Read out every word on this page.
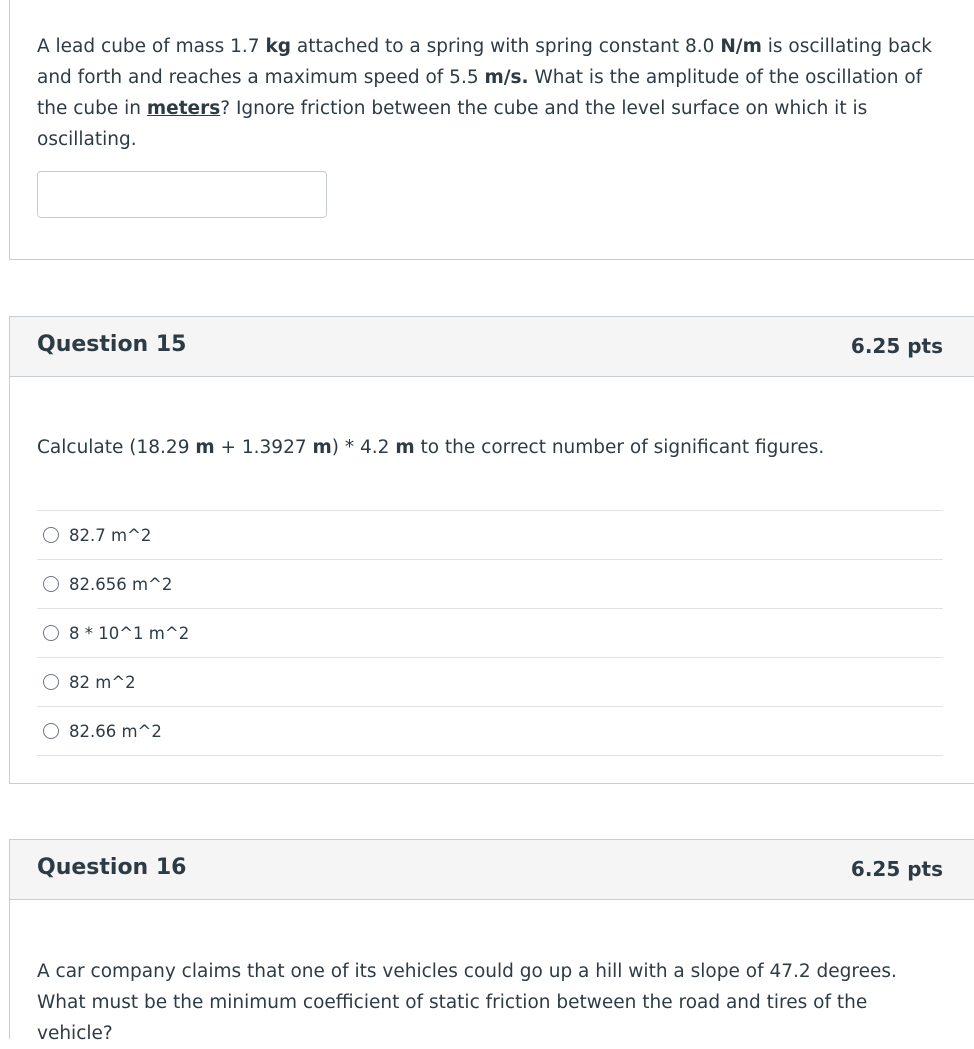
A lead cube of mass 1.7 kg attached to a spring with spring constant 8.0 N/m is oscillating back and forth and reaches a maximum speed of 5.5 m/s. What is the amplitude of the oscillation of the cube in meters? Ignore friction between the cube and the level surface on which it is oscillating.
Question 15	6.25 pts
Calculate (18.29 m + 1.3927 m) * 4.2 m to the correct number of significant figures.
82.7 m^2
82.656 m^2
8 * 10^1 m^2
82 m^2
82.66 m^2
Question 16	6.25 pts
A car company claims that one of its vehicles could go up a hill with a slope of 47.2 degrees. What must be the minimum coefficient of static friction between the road and tires of the vehicle?
